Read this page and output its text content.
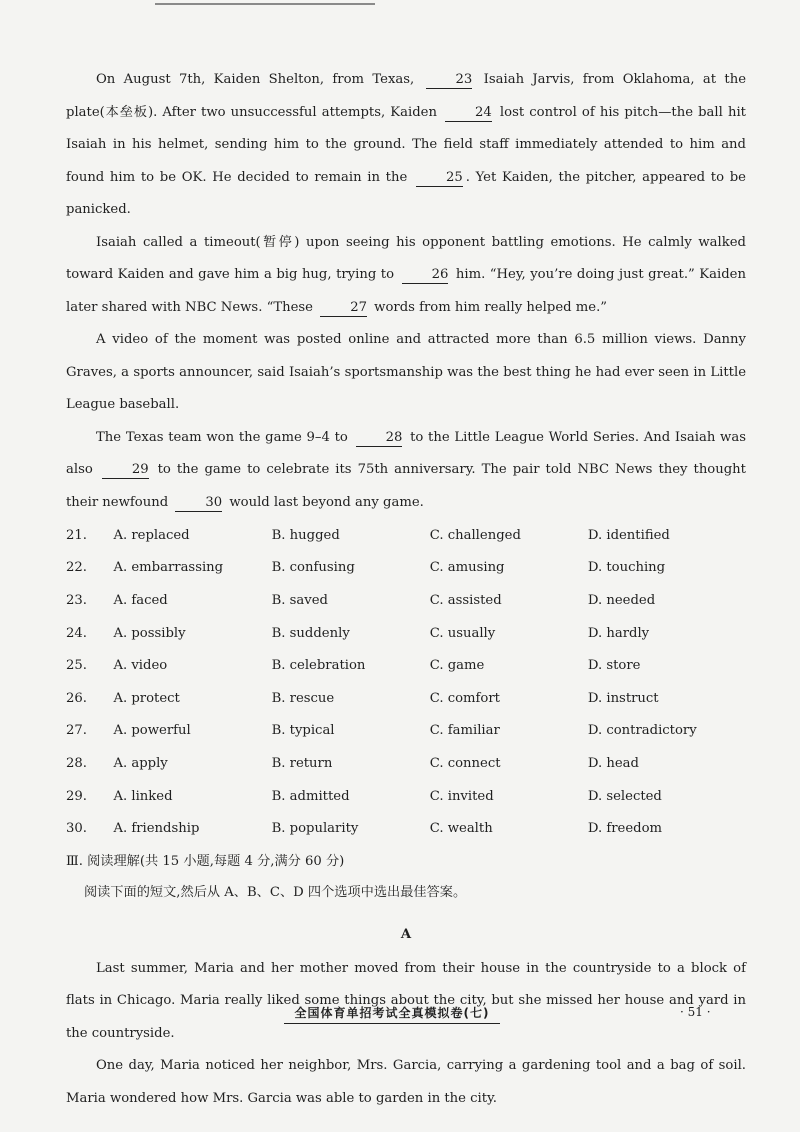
On August 7th, Kaiden Shelton, from Texas,	23 Isaiah Jarvis, from Oklahoma, at the plate(本垒板). After two unsuccessful attempts, Kaiden	24 lost control of his pitch—the ball hit Isaiah in his helmet, sending him to the ground. The field staff immediately attended to him and found him to be OK. He decided to remain in the	25 . Yet Kaiden, the pitcher, appeared to be panicked.

Isaiah called a timeout(暂停) upon seeing his opponent battling emotions. He calmly walked toward Kaiden and gave him a big hug, trying to	26 him. “Hey, you’re doing just great.” Kaiden later shared with NBC News. “These	27 words from him really helped me.”

A video of the moment was posted online and attracted more than 6.5 million views. Danny Graves, a sports announcer, said Isaiah’s sportsmanship was the best thing he had ever seen in Little League baseball.

The Texas team won the game 9–4 to	28 to the Little League World Series. And Isaiah was also	29 to the game to celebrate its 75th anniversary. The pair told NBC News they thought their newfound	30 would last beyond any game.

21.	A. replaced	B. hugged	C. challenged	D. identified
22.	A. embarrassing	B. confusing	C. amusing	D. touching
23.	A. faced	B. saved	C. assisted	D. needed
24.	A. possibly	B. suddenly	C. usually	D. hardly
25.	A. video	B. celebration	C. game	D. store
26.	A. protect	B. rescue	C. comfort	D. instruct
27.	A. powerful	B. typical	C. familiar	D. contradictory
28.	A. apply	B. return	C. connect	D. head
29.	A. linked	B. admitted	C. invited	D. selected
30.	A. friendship	B. popularity	C. wealth	D. freedom
Ⅲ. 阅读理解(共 15 小题,每题 4 分,满分 60 分)
阅读下面的短文,然后从 A、B、C、D 四个选项中选出最佳答案。
A

Last summer, Maria and her mother moved from their house in the countryside to a block of flats in Chicago. Maria really liked some things about the city, but she missed her house and yard in the countryside.

One day, Maria noticed her neighbor, Mrs. Garcia, carrying a gardening tool and a bag of soil. Maria wondered how Mrs. Garcia was able to garden in the city.

全国体育单招考试全真模拟卷(七)	· 51 ·
